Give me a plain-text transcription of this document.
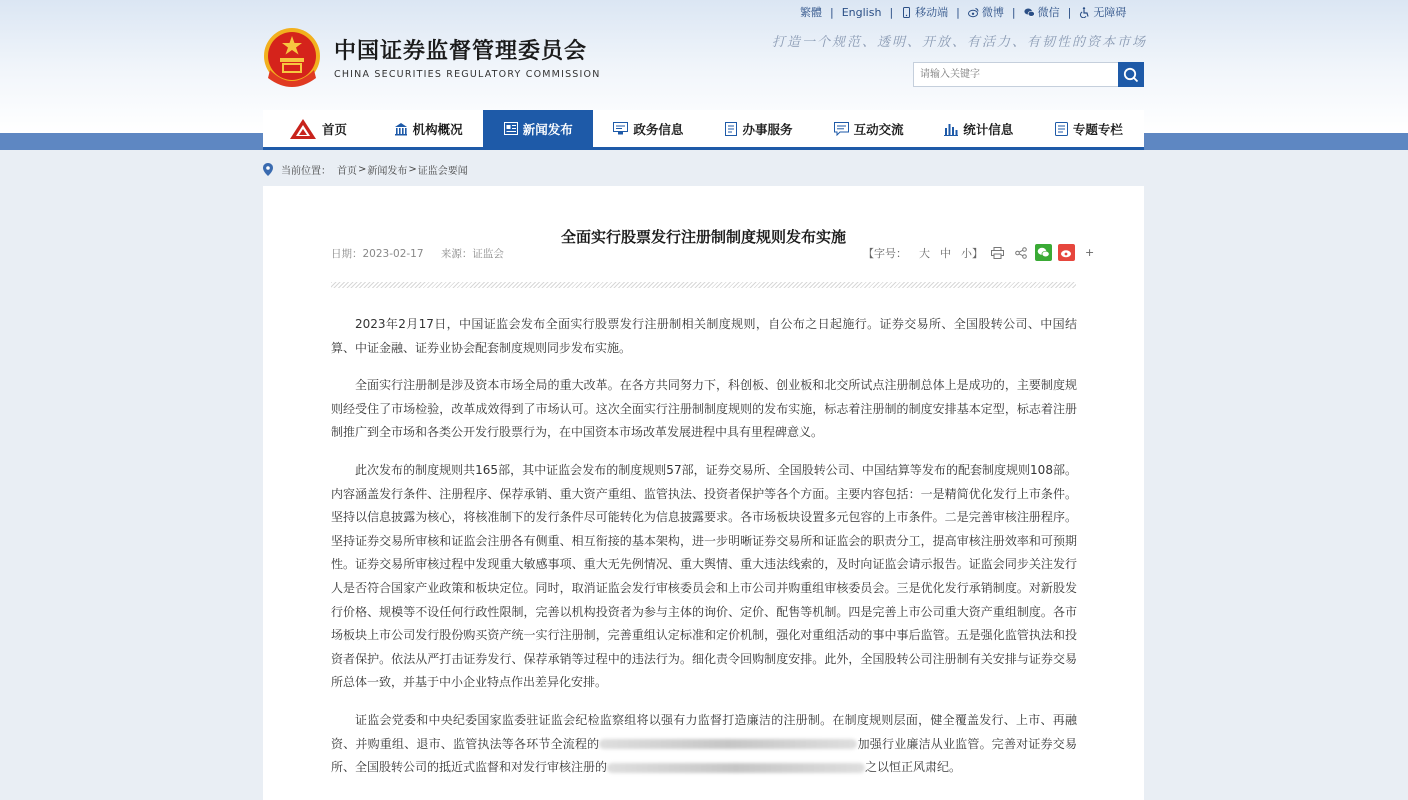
中国证券监督管理委员会
CHINA SECURITIES REGULATORY COMMISSION
繁體 | English | 移动端 | 微博 | 微信 | 无障碍
打造一个规范、透明、开放、有活力、有韧性的资本市场
请输入关键字
首页	机构概况	新闻发布	政务信息	办事服务	互动交流	统计信息	专题专栏
当前位置： 首页 > 新闻发布 > 证监会要闻
全面实行股票发行注册制制度规则发布实施
日期：2023-02-17 来源：证监会	【字号： 大 中 小】	+

2023年2月17日，中国证监会发布全面实行股票发行注册制相关制度规则，自公布之日起施行。证券交易所、全国股转公司、中国结算、中证金融、证券业协会配套制度规则同步发布实施。

全面实行注册制是涉及资本市场全局的重大改革。在各方共同努力下，科创板、创业板和北交所试点注册制总体上是成功的，主要制度规则经受住了市场检验，改革成效得到了市场认可。这次全面实行注册制制度规则的发布实施，标志着注册制的制度安排基本定型，标志着注册制推广到全市场和各类公开发行股票行为，在中国资本市场改革发展进程中具有里程碑意义。

此次发布的制度规则共165部，其中证监会发布的制度规则57部，证券交易所、全国股转公司、中国结算等发布的配套制度规则108部。内容涵盖发行条件、注册程序、保荐承销、重大资产重组、监管执法、投资者保护等各个方面。主要内容包括：一是精简优化发行上市条件。坚持以信息披露为核心，将核准制下的发行条件尽可能转化为信息披露要求。各市场板块设置多元包容的上市条件。二是完善审核注册程序。坚持证券交易所审核和证监会注册各有侧重、相互衔接的基本架构，进一步明晰证券交易所和证监会的职责分工，提高审核注册效率和可预期性。证券交易所审核过程中发现重大敏感事项、重大无先例情况、重大舆情、重大违法线索的，及时向证监会请示报告。证监会同步关注发行人是否符合国家产业政策和板块定位。同时，取消证监会发行审核委员会和上市公司并购重组审核委员会。三是优化发行承销制度。对新股发行价格、规模等不设任何行政性限制，完善以机构投资者为参与主体的询价、定价、配售等机制。四是完善上市公司重大资产重组制度。各市场板块上市公司发行股份购买资产统一实行注册制，完善重组认定标准和定价机制，强化对重组活动的事中事后监管。五是强化监管执法和投资者保护。依法从严打击证券发行、保荐承销等过程中的违法行为。细化责令回购制度安排。此外，全国股转公司注册制有关安排与证券交易所总体一致，并基于中小企业特点作出差异化安排。

证监会党委和中央纪委国家监委驻证监会纪检监察组将以强有力监督打造廉洁的注册制。在制度规则层面，健全覆盖发行、上市、再融资、并购重组、退市、监管执法等各环节全流程的	加强行业廉洁从业监管。完善对证券交易所、全国股转公司的抵近式监督和对发行审核注册的	之以恒正风肃纪。
